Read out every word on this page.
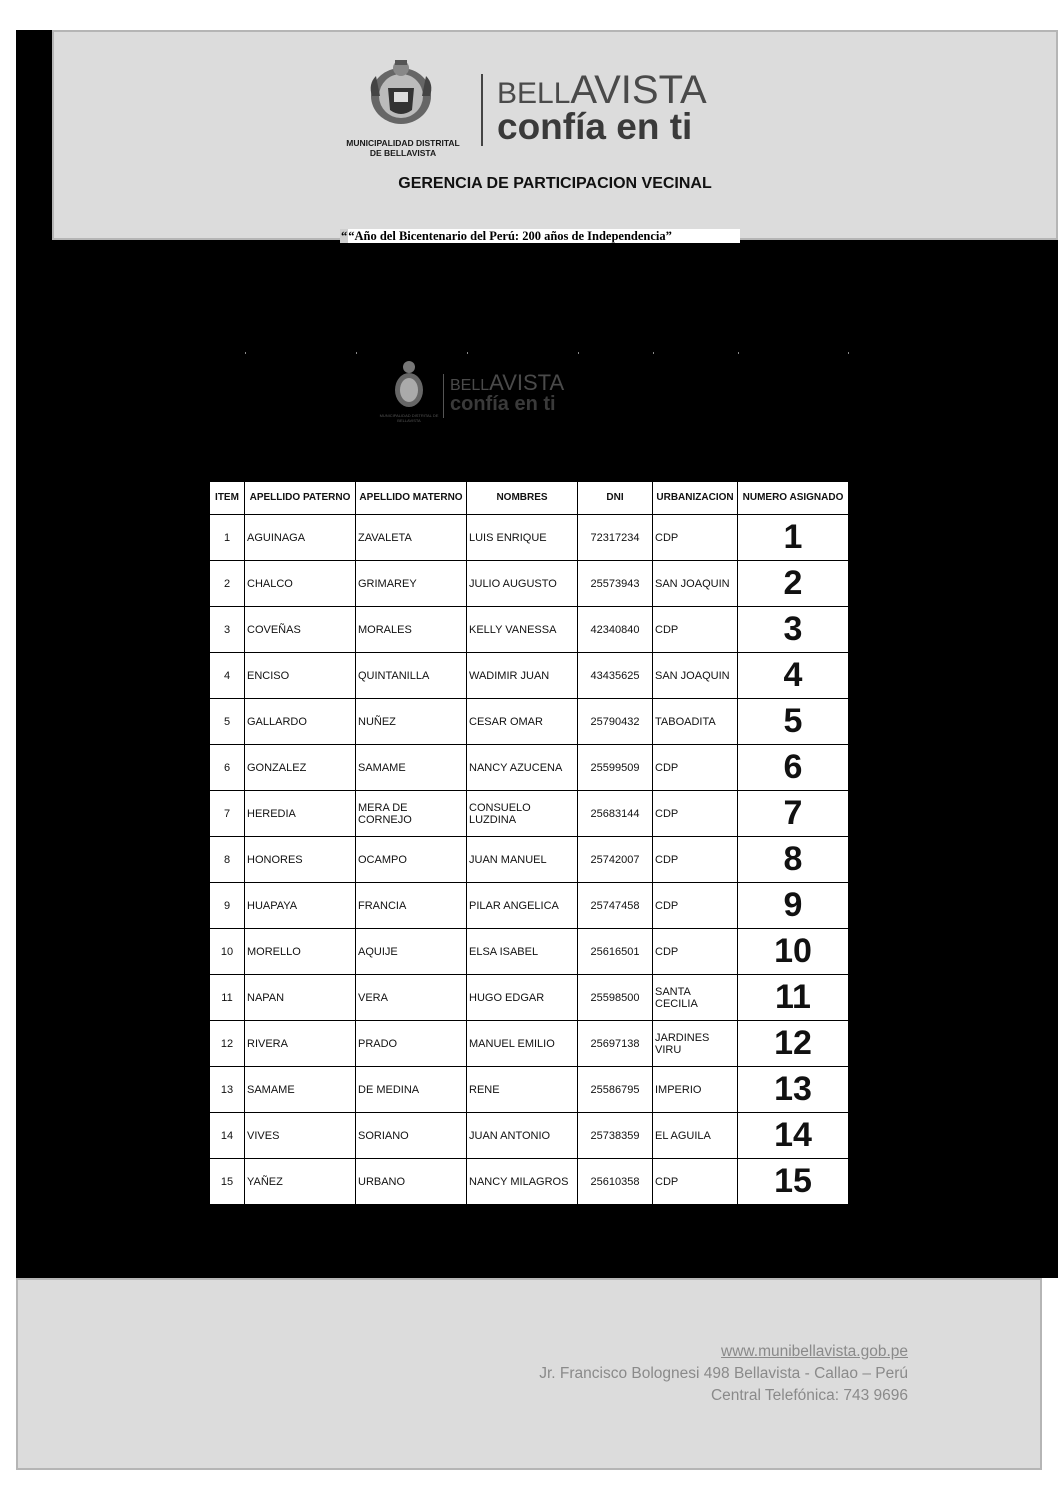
MUNICIPALIDAD DISTRITAL DE BELLAVISTA
BELLAVISTA
confía en ti
GERENCIA DE PARTICIPACION VECINAL
““Año del Bicentenario del Perú: 200 años de Independencia”
MUNICIPALIDAD DISTRITAL DE BELLAVISTA
BELLAVISTA
confía en ti
ITEM	APELLIDO PATERNO	APELLIDO MATERNO	NOMBRES	DNI	URBANIZACION	NUMERO ASIGNADO
1	AGUINAGA	ZAVALETA	LUIS ENRIQUE	72317234	CDP	1
2	CHALCO	GRIMAREY	JULIO AUGUSTO	25573943	SAN JOAQUIN	2
3	COVEÑAS	MORALES	KELLY VANESSA	42340840	CDP	3
4	ENCISO	QUINTANILLA	WADIMIR JUAN	43435625	SAN JOAQUIN	4
5	GALLARDO	NUÑEZ	CESAR OMAR	25790432	TABOADITA	5
6	GONZALEZ	SAMAME	NANCY AZUCENA	25599509	CDP	6
7	HEREDIA	MERA DE CORNEJO	CONSUELO LUZDINA	25683144	CDP	7
8	HONORES	OCAMPO	JUAN MANUEL	25742007	CDP	8
9	HUAPAYA	FRANCIA	PILAR ANGELICA	25747458	CDP	9
10	MORELLO	AQUIJE	ELSA ISABEL	25616501	CDP	10
11	NAPAN	VERA	HUGO EDGAR	25598500	SANTA CECILIA	11
12	RIVERA	PRADO	MANUEL EMILIO	25697138	JARDINES VIRU	12
13	SAMAME	DE MEDINA	RENE	25586795	IMPERIO	13
14	VIVES	SORIANO	JUAN ANTONIO	25738359	EL AGUILA	14
15	YAÑEZ	URBANO	NANCY MILAGROS	25610358	CDP	15
www.munibellavista.gob.pe
Jr. Francisco Bolognesi 498 Bellavista - Callao – Perú
Central Telefónica: 743 9696
